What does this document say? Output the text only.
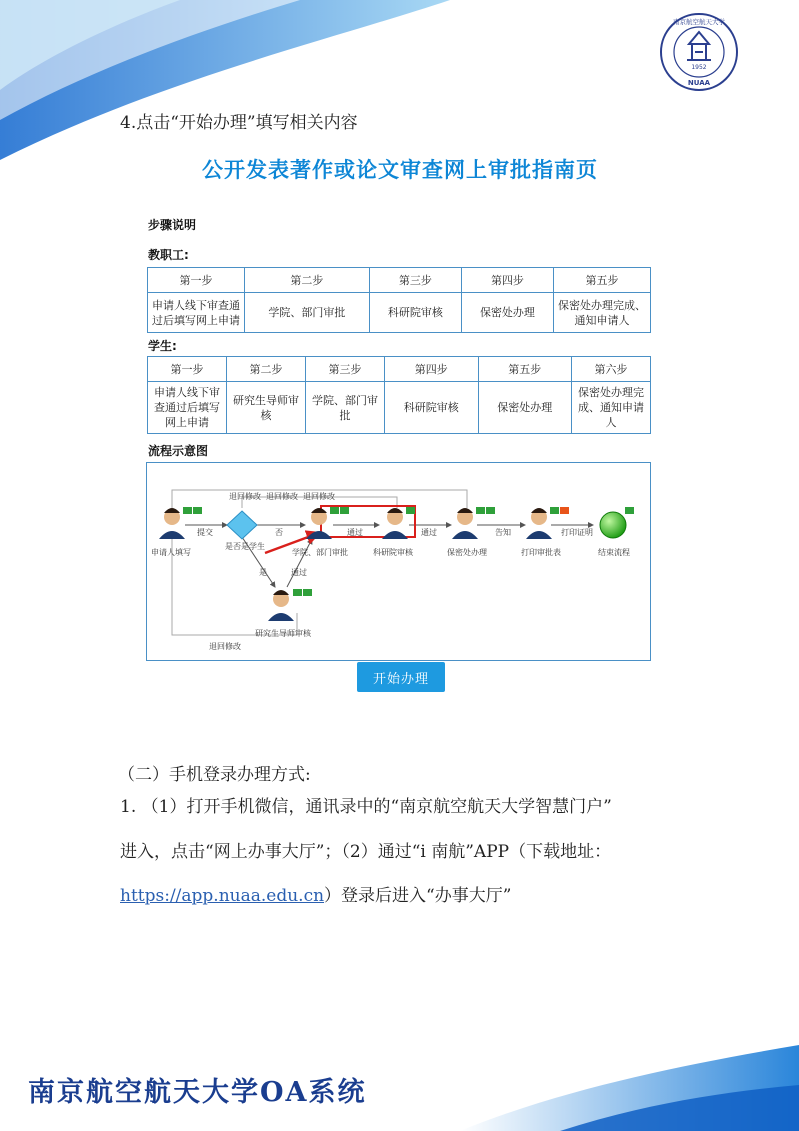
1952
NUAA
南京航空航天大学
4.点击“开始办理”填写相关内容
公开发表著作或论文审查网上审批指南页
步骤说明
教职工:
第一步	第二步	第三步	第四步	第五步
申请人线下审查通过后填写网上申请	学院、部门审批	科研院审核	保密处办理	保密处办理完成、通知申请人
学生:
第一步	第二步	第三步	第四步	第五步	第六步
申请人线下审查通过后填写网上申请	研究生导师审核	学院、部门审批	科研院审核	保密处办理	保密处办理完成、通知申请人
流程示意图
申请人填写
是否是学生
学院、部门审批	科研院审核	保密处办理	打印审批表	结束流程
研究生导师审核
提交	否
是	通过
通过	通过	告知	打印证明
退回修改 退回修改 退回修改
退回修改
开始办理
（二）手机登录办理方式:
1. （1）打开手机微信，通讯录中的“南京航空航天大学智慧门户”
进入，点击“网上办事大厅”；（2）通过“i 南航”APP（下载地址：
https://app.nuaa.edu.cn）登录后进入“办事大厅”
南京航空航天大学OA系统
